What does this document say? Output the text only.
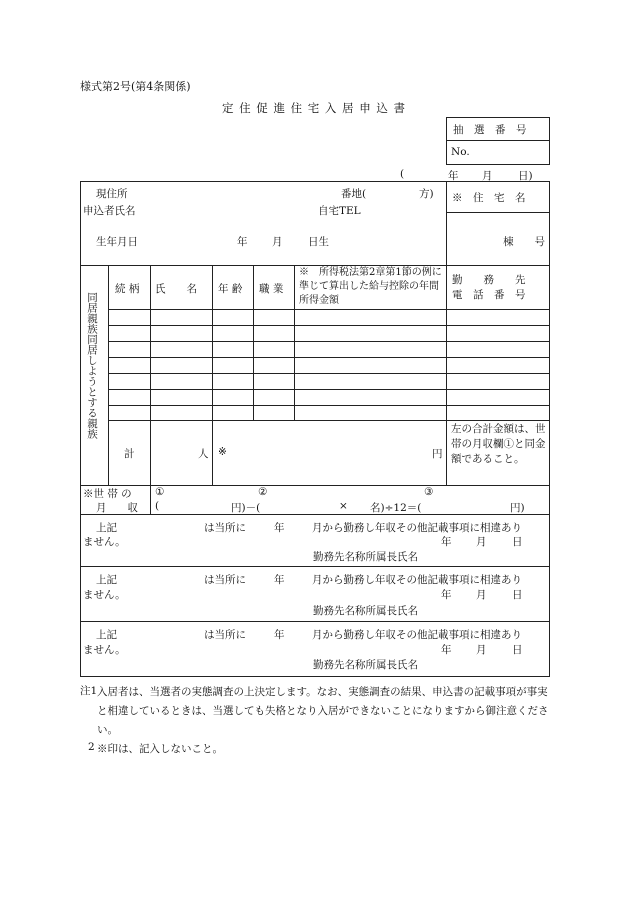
様式第2号(第4条関係)
定 住 促 進 住 宅 入 居 申 込 書
抽　選　番　号
No.
(	年 月 日)
現住所	番地(	方)
申込者氏名	自宅TEL
生年月日	年 月 日生
※　住　宅　名
棟　　号
同居親族同居しようとする親族
続 柄 氏　　名 年 齢 職 業
※　所得税法第2章第1節の例に準じて算出した給与控除の年間所得金額
勤　　務　　先
電　話　番　号
計	人 ※	円
左の合計金額は、世帯の月収欄①と同金額であること。
※世 帯 の
月　　収
①	②	③
(	円)－(	× 名)÷12＝(	円)
上記	は当所に	年	月から勤務し年収その他記載事項に相違あり
ません。	年 月 日
勤務先名称所属長氏名
上記	は当所に	年	月から勤務し年収その他記載事項に相違あり
ません。	年 月 日
勤務先名称所属長氏名
上記	は当所に	年	月から勤務し年収その他記載事項に相違あり
ません。	年 月 日
勤務先名称所属長氏名
注1 入居者は、当選者の実態調査の上決定します。なお、実態調査の結果、申込書の記載事項が事実と相違しているときは、当選しても失格となり入居ができないことになりますから御注意ください。
2 ※印は、記入しないこと。
